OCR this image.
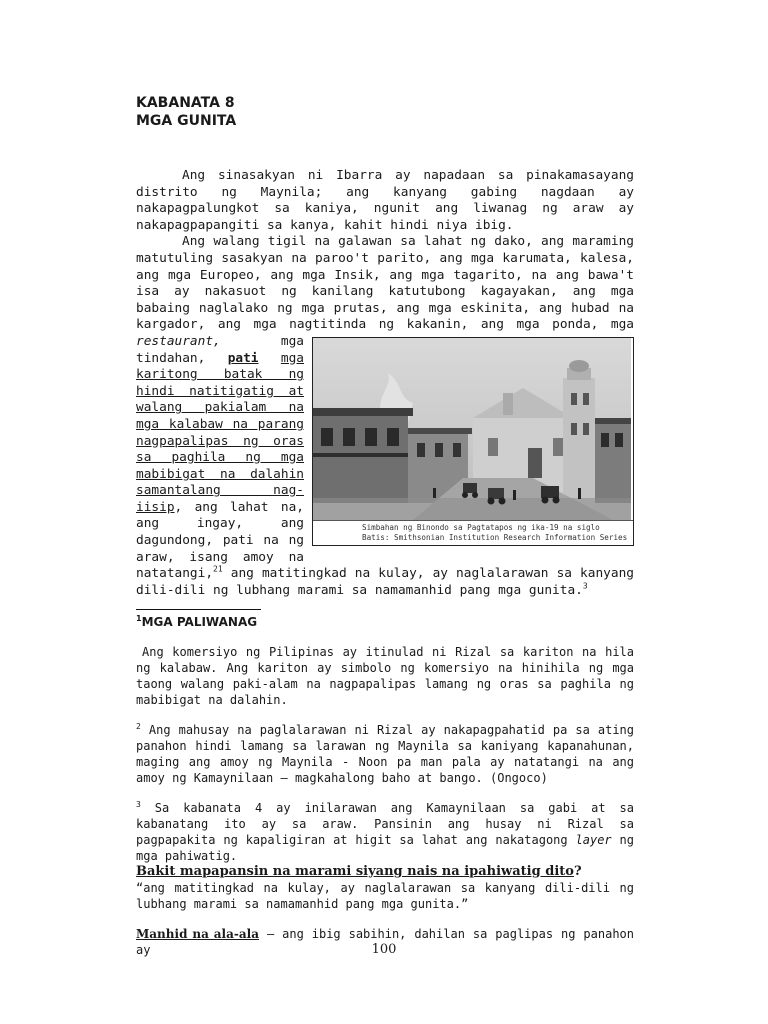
KABANATA 8

MGA GUNITA

Ang sinasakyan ni Ibarra ay napadaan sa pinakamasayang distrito ng Maynila; ang kanyang gabing nagdaan ay nakapagpalungkot sa kaniya, ngunit ang liwanag ng araw ay nakapagpapangiti sa kanya, kahit hindi niya ibig.

Ang walang tigil na galawan sa lahat ng dako, ang maraming matutuling sasakyan na paroo't parito, ang mga karumata, kalesa, ang mga Europeo, ang mga Insik, ang mga tagarito, na ang bawa't isa ay nakasuot ng kanilang katutubong kagayakan, ang mga babaing naglalako ng mga prutas, ang mga eskinita, ang hubad na kargador, ang mga nagtitinda ng kakanin, ang mga ponda, mga
Simbahan ng Binondo sa Pagtatapos ng ika-19 na siglo
Batis: Smithsonian Institution Research Information Series
restaurant,	mga tindahan, pati mga karitong batak ng hindi natitigatig at walang pakialam na mga kalabaw na parang nagpapalipas ng oras sa paghila ng mga mabibigat na dalahin samantalang nag-iisip, ang lahat na, ang ingay, ang dagundong, pati na ng araw, isang amoy na natatangi,$^{21}$ ang matitingkad na kulay, ay naglalarawan sa kanyang dili-dili ng lubhang marami sa namamanhid pang mga gunita.$^3$

$^1$MGA PALIWANAG

Ang komersiyo ng Pilipinas ay itinulad ni Rizal sa kariton na hila ng kalabaw. Ang kariton ay simbolo ng komersiyo na hinihila ng mga taong walang paki-alam na nagpapalipas lamang ng oras sa paghila ng mabibigat na dalahin.

$^2$ Ang mahusay na paglalarawan ni Rizal ay nakapagpahatid pa sa ating panahon hindi lamang sa larawan ng Maynila sa kaniyang kapanahunan, maging ang amoy ng Maynila - Noon pa man pala ay natatangi na ang amoy ng Kamaynilaan – magkahalong baho at bango. (Ongoco)

$^3$ Sa kabanata 4 ay inilarawan ang Kamaynilaan sa gabi at sa kabanatang ito ay sa araw. Pansinin ang husay ni Rizal sa pagpapakita ng kapaligiran at higit sa lahat ang nakatagong layer ng mga pahiwatig.

Bakit mapapansin na marami siyang nais na ipahiwatig dito?

“ang matitingkad na kulay, ay naglalarawan sa kanyang dili-dili ng lubhang marami sa namamanhid pang mga gunita.”

Manhid na ala-ala – ang ibig sabihin, dahilan sa paglipas ng panahon ay	100
